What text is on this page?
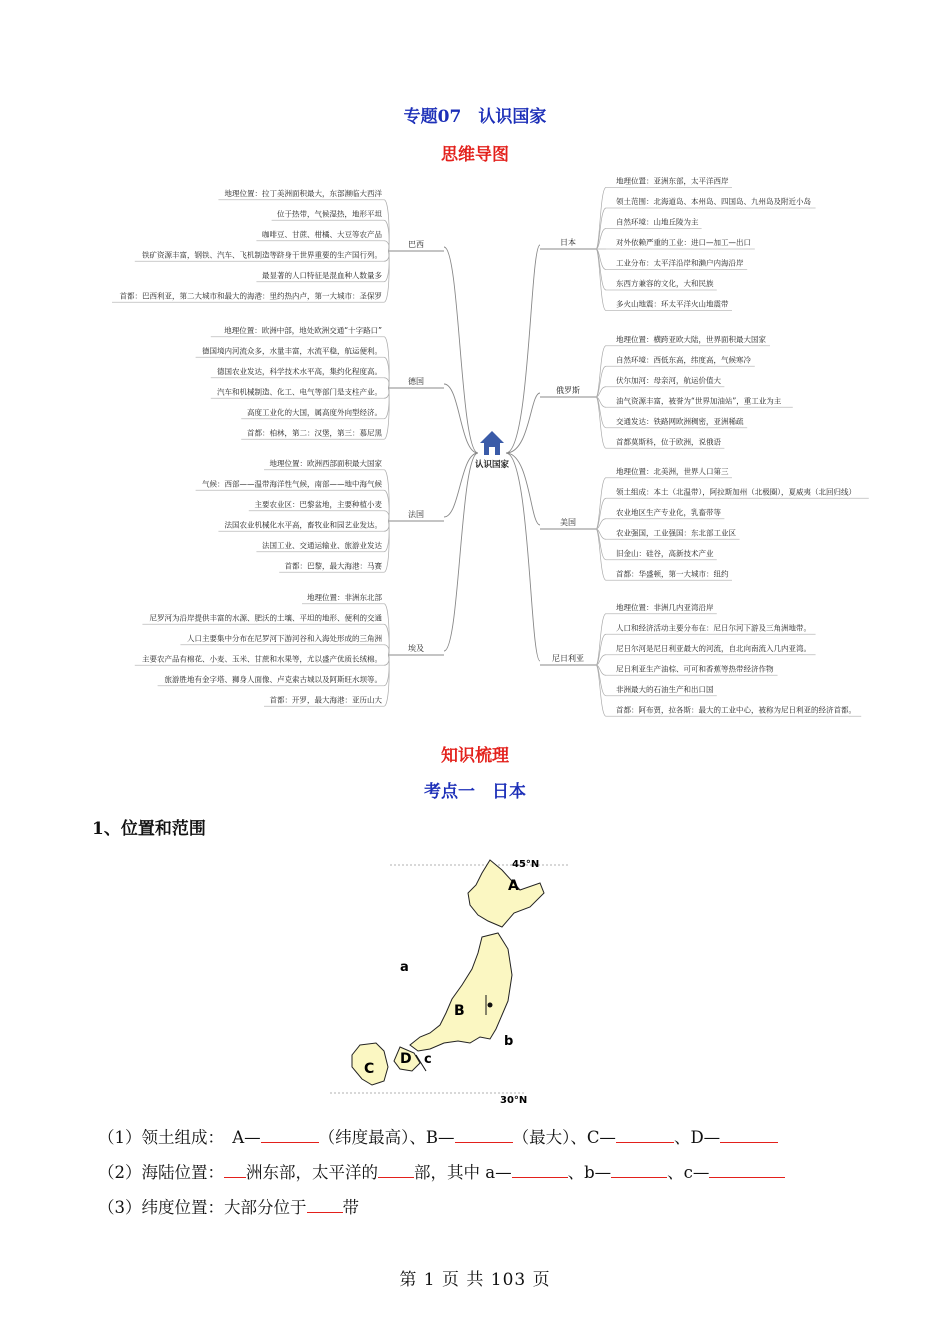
专题07　认识国家
思维导图
认识国家
巴西
地理位置：拉丁美洲面积最大，东部濒临大西洋
位于热带，气候湿热，地形平坦
咖啡豆、甘蔗、柑橘、大豆等农产品
铁矿资源丰富，钢铁、汽车、飞机制造等跻身于世界重要的生产国行列。
最显著的人口特征是混血种人数量多
首都：巴西利亚，第二大城市和最大的海港：里约热内卢，第一大城市：圣保罗
德国
地理位置：欧洲中部，地处欧洲交通“十字路口”
德国境内河流众多，水量丰富，水流平稳，航运便利。
德国农业发达，科学技术水平高，集约化程度高。
汽车和机械制造、化工、电气等部门是支柱产业。
高度工业化的大国，属高度外向型经济。
首都：柏林，第二：汉堡，第三：慕尼黑
法国
地理位置：欧洲西部面积最大国家
气候：西部——温带海洋性气候，南部——地中海气候
主要农业区：巴黎盆地，主要种植小麦
法国农业机械化水平高，畜牧业和园艺业发达。
法国工业、交通运输业、旅游业发达
首都：巴黎，最大海港：马赛
埃及
地理位置：非洲东北部
尼罗河为沿岸提供丰富的水源、肥沃的土壤、平坦的地形、便利的交通
人口主要集中分布在尼罗河下游河谷和入海处形成的三角洲
主要农产品有棉花、小麦、玉米、甘蔗和水果等，尤以盛产优质长绒棉。
旅游胜地有金字塔、狮身人面像、卢克索古城以及阿斯旺水坝等。
首都：开罗，最大海港：亚历山大
日本
地理位置：亚洲东部，太平洋西岸
领土范围：北海道岛、本州岛、四国岛、九州岛及附近小岛
自然环境：山地丘陵为主
对外依赖严重的工业：进口—加工—出口
工业分布：太平洋沿岸和濑户内海沿岸
东西方兼容的文化，大和民族
多火山地震：环太平洋火山地震带
俄罗斯
地理位置：横跨亚欧大陆，世界面积最大国家
自然环境：西低东高，纬度高，气候寒冷
伏尔加河：母亲河，航运价值大
油气资源丰富，被誉为“世界加油站”，重工业为主
交通发达：铁路网欧洲稠密，亚洲稀疏
首都莫斯科，位于欧洲，说俄语
美国
地理位置：北美洲，世界人口第三
领土组成：本土（北温带），阿拉斯加州（北极圈），夏威夷（北回归线）
农业地区生产专业化，乳畜带等
农业强国，工业强国：东北部工业区
旧金山：硅谷，高新技术产业
首都：华盛顿，第一大城市：纽约
尼日利亚
地理位置：非洲几内亚湾沿岸
人口和经济活动主要分布在：尼日尔河下游及三角洲地带。
尼日尔河是尼日利亚最大的河流，自北向南流入几内亚湾。
尼日利亚生产油棕、可可和香蕉等热带经济作物
非洲最大的石油生产和出口国
首都：阿布贾，拉各斯：最大的工业中心，被称为尼日利亚的经济首都。
知识梳理
考点一　日本
1、位置和范围
45°N
30°N
A
B
C
D
a
b
c
（1）领土组成：　A—	（纬度最高）、B—	（最大）、C—	、D—
（2）海陆位置： 洲东部，太平洋的 部，其中 a—	、b—	、c—
（3）纬度位置：大部分位于 带
第 1 页 共 103 页
